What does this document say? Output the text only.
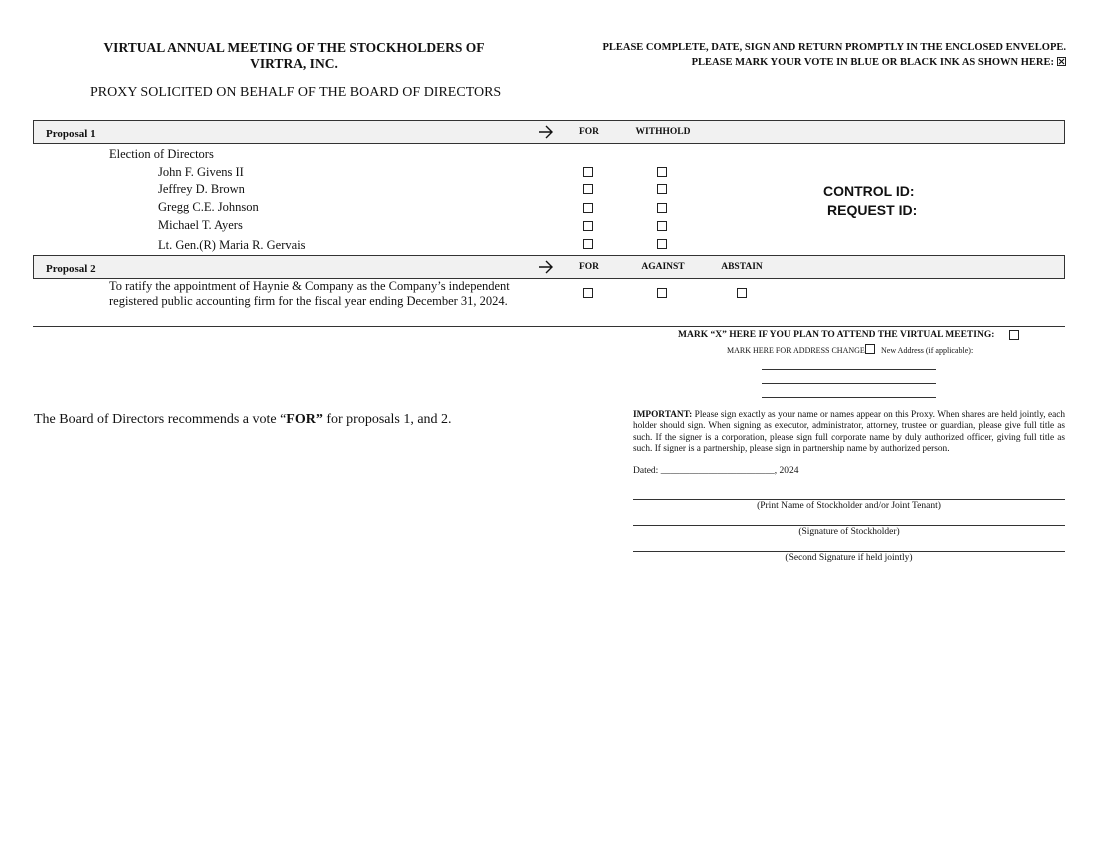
VIRTUAL ANNUAL MEETING OF THE STOCKHOLDERS OF
VIRTRA, INC.
PROXY SOLICITED ON BEHALF OF THE BOARD OF DIRECTORS
PLEASE COMPLETE, DATE, SIGN AND RETURN PROMPTLY IN THE ENCLOSED ENVELOPE.
PLEASE MARK YOUR VOTE IN BLUE OR BLACK INK AS SHOWN HERE:
Proposal 1	FOR	WITHHOLD
Election of Directors
John F. Givens II
Jeffrey D. Brown
Gregg C.E. Johnson
Michael T. Ayers
Lt. Gen.(R) Maria R. Gervais
CONTROL ID:
REQUEST ID:
Proposal 2	FOR	AGAINST	ABSTAIN
To ratify the appointment of Haynie & Company as the Company’s independent
registered public accounting firm for the fiscal year ending December 31, 2024.
MARK “X” HERE IF YOU PLAN TO ATTEND THE VIRTUAL MEETING:
MARK HERE FOR ADDRESS CHANGE New Address (if applicable):
The Board of Directors recommends a vote “FOR” for proposals 1, and 2.	IMPORTANT: Please sign exactly as your name or names appear on this Proxy. When shares are held jointly, each holder should sign. When signing as executor, administrator, attorney, trustee or guardian, please give full title as such. If the signer is a corporation, please sign full corporate name by duly authorized officer, giving full title as such. If signer is a partnership, please sign in partnership name by authorized person.
Dated: ________________________, 2024
(Print Name of Stockholder and/or Joint Tenant)
(Signature of Stockholder)
(Second Signature if held jointly)
